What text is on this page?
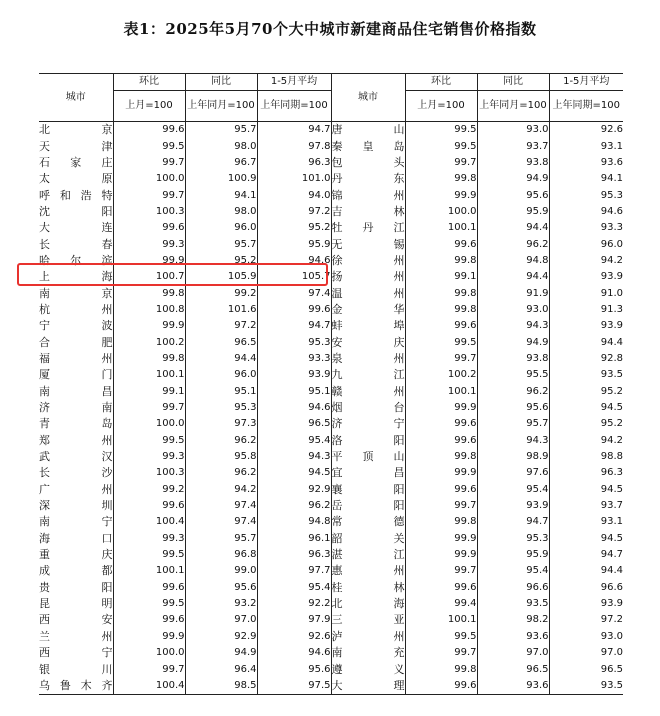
表1：2025年5月70个大中城市新建商品住宅销售价格指数
城市	环比	同比	1-5月平均	城市	环比	同比	1-5月平均
	上月=100	上年同月=100	上年同期=100		上月=100	上年同月=100	上年同期=100
北京	99.6	95.7	94.7	唐山	99.5	93.0	92.6
天津	99.5	98.0	97.8	秦皇岛	99.5	93.7	93.1
石家庄	99.7	96.7	96.3	包头	99.7	93.8	93.6
太原	100.0	100.9	101.0	丹东	99.8	94.9	94.1
呼和浩特	99.7	94.1	94.0	锦州	99.9	95.6	95.3
沈阳	100.3	98.0	97.2	吉林	100.0	95.9	94.6
大连	99.6	96.0	95.2	牡丹江	100.1	94.4	93.3
长春	99.3	95.7	95.9	无锡	99.6	96.2	96.0
哈尔滨	99.9	95.2	94.6	徐州	99.8	94.8	94.2
上海	100.7	105.9	105.7	扬州	99.1	94.4	93.9
南京	99.8	99.2	97.4	温州	99.8	91.9	91.0
杭州	100.8	101.6	99.6	金华	99.8	93.0	91.3
宁波	99.9	97.2	94.7	蚌埠	99.6	94.3	93.9
合肥	100.2	96.5	95.3	安庆	99.5	94.9	94.4
福州	99.8	94.4	93.3	泉州	99.7	93.8	92.8
厦门	100.1	96.0	93.9	九江	100.2	95.5	93.5
南昌	99.1	95.1	95.1	赣州	100.1	96.2	95.2
济南	99.7	95.3	94.6	烟台	99.9	95.6	94.5
青岛	100.0	97.3	96.5	济宁	99.6	95.7	95.2
郑州	99.5	96.2	95.4	洛阳	99.6	94.3	94.2
武汉	99.3	95.8	94.3	平顶山	99.8	98.9	98.8
长沙	100.3	96.2	94.5	宜昌	99.9	97.6	96.3
广州	99.2	94.2	92.9	襄阳	99.6	95.4	94.5
深圳	99.6	97.4	96.2	岳阳	99.7	93.9	93.7
南宁	100.4	97.4	94.8	常德	99.8	94.7	93.1
海口	99.3	95.7	96.1	韶关	99.9	95.3	94.5
重庆	99.5	96.8	96.3	湛江	99.9	95.9	94.7
成都	100.1	99.0	97.7	惠州	99.7	95.4	94.4
贵阳	99.6	95.6	95.4	桂林	99.6	96.6	96.6
昆明	99.5	93.2	92.2	北海	99.4	93.5	93.9
西安	99.6	97.0	97.9	三亚	100.1	98.2	97.2
兰州	99.9	92.9	92.6	泸州	99.5	93.6	93.0
西宁	100.0	94.9	94.6	南充	99.7	97.0	97.0
银川	99.7	96.4	95.6	遵义	99.8	96.5	96.5
乌鲁木齐	100.4	98.5	97.5	大理	99.6	93.6	93.5
